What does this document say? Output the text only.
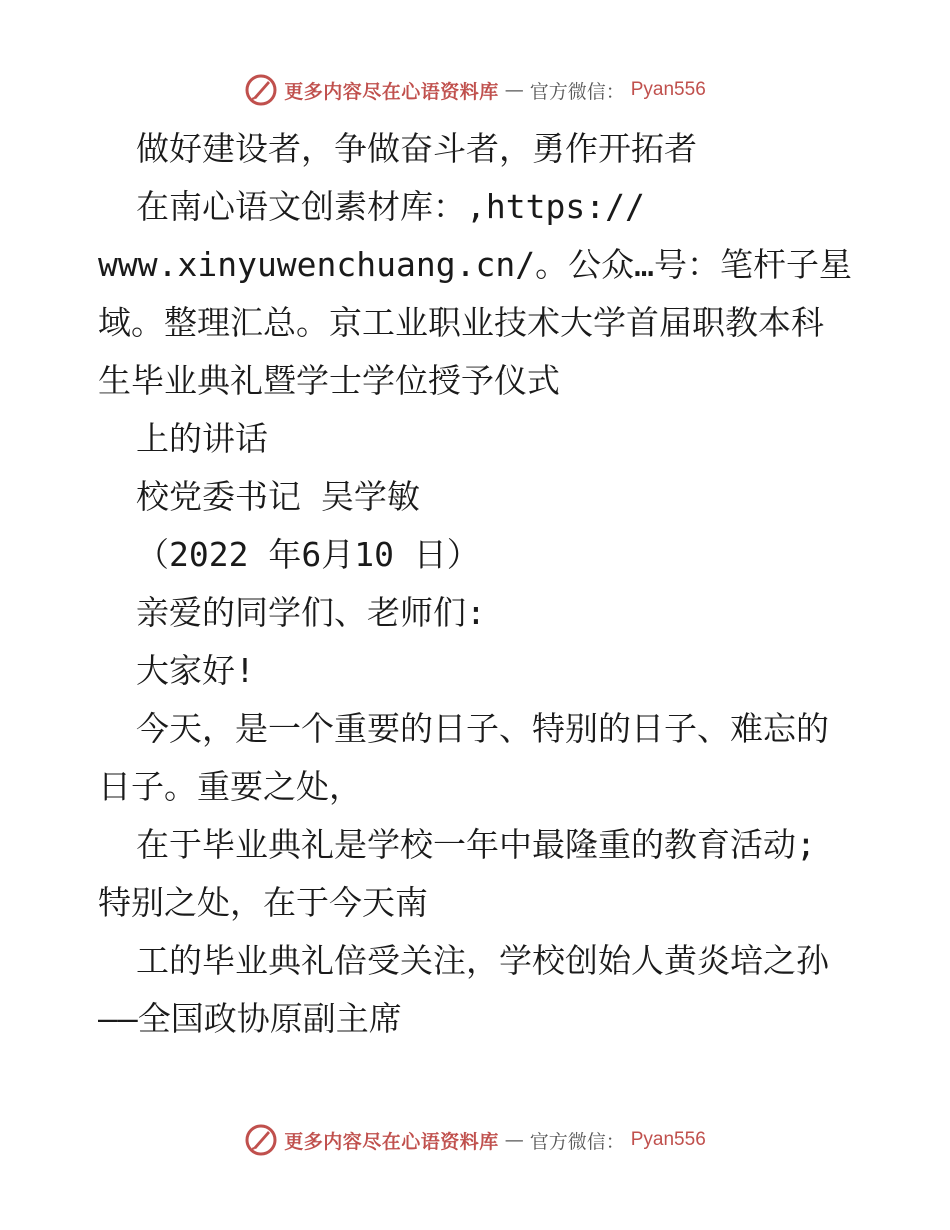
更多内容尽在心语资料库 — 官方微信： Pyan556
做好建设者，争做奋斗者，勇作开拓者
在南心语文创素材库：,https://
www.xinyuwenchuang.cn/。公众…号：笔杆子星
域。整理汇总。京工业职业技术大学首届职教本科
生毕业典礼暨学士学位授予仪式
上的讲话
校党委书记 吴学敏
（2022 年6月10 日）
亲爱的同学们、老师们:
大家好!
今天，是一个重要的日子、特别的日子、难忘的
日子。重要之处，
在于毕业典礼是学校一年中最隆重的教育活动;
特别之处，在于今天南
工的毕业典礼倍受关注，学校创始人黄炎培之孙
——全国政协原副主席
更多内容尽在心语资料库 — 官方微信： Pyan556
